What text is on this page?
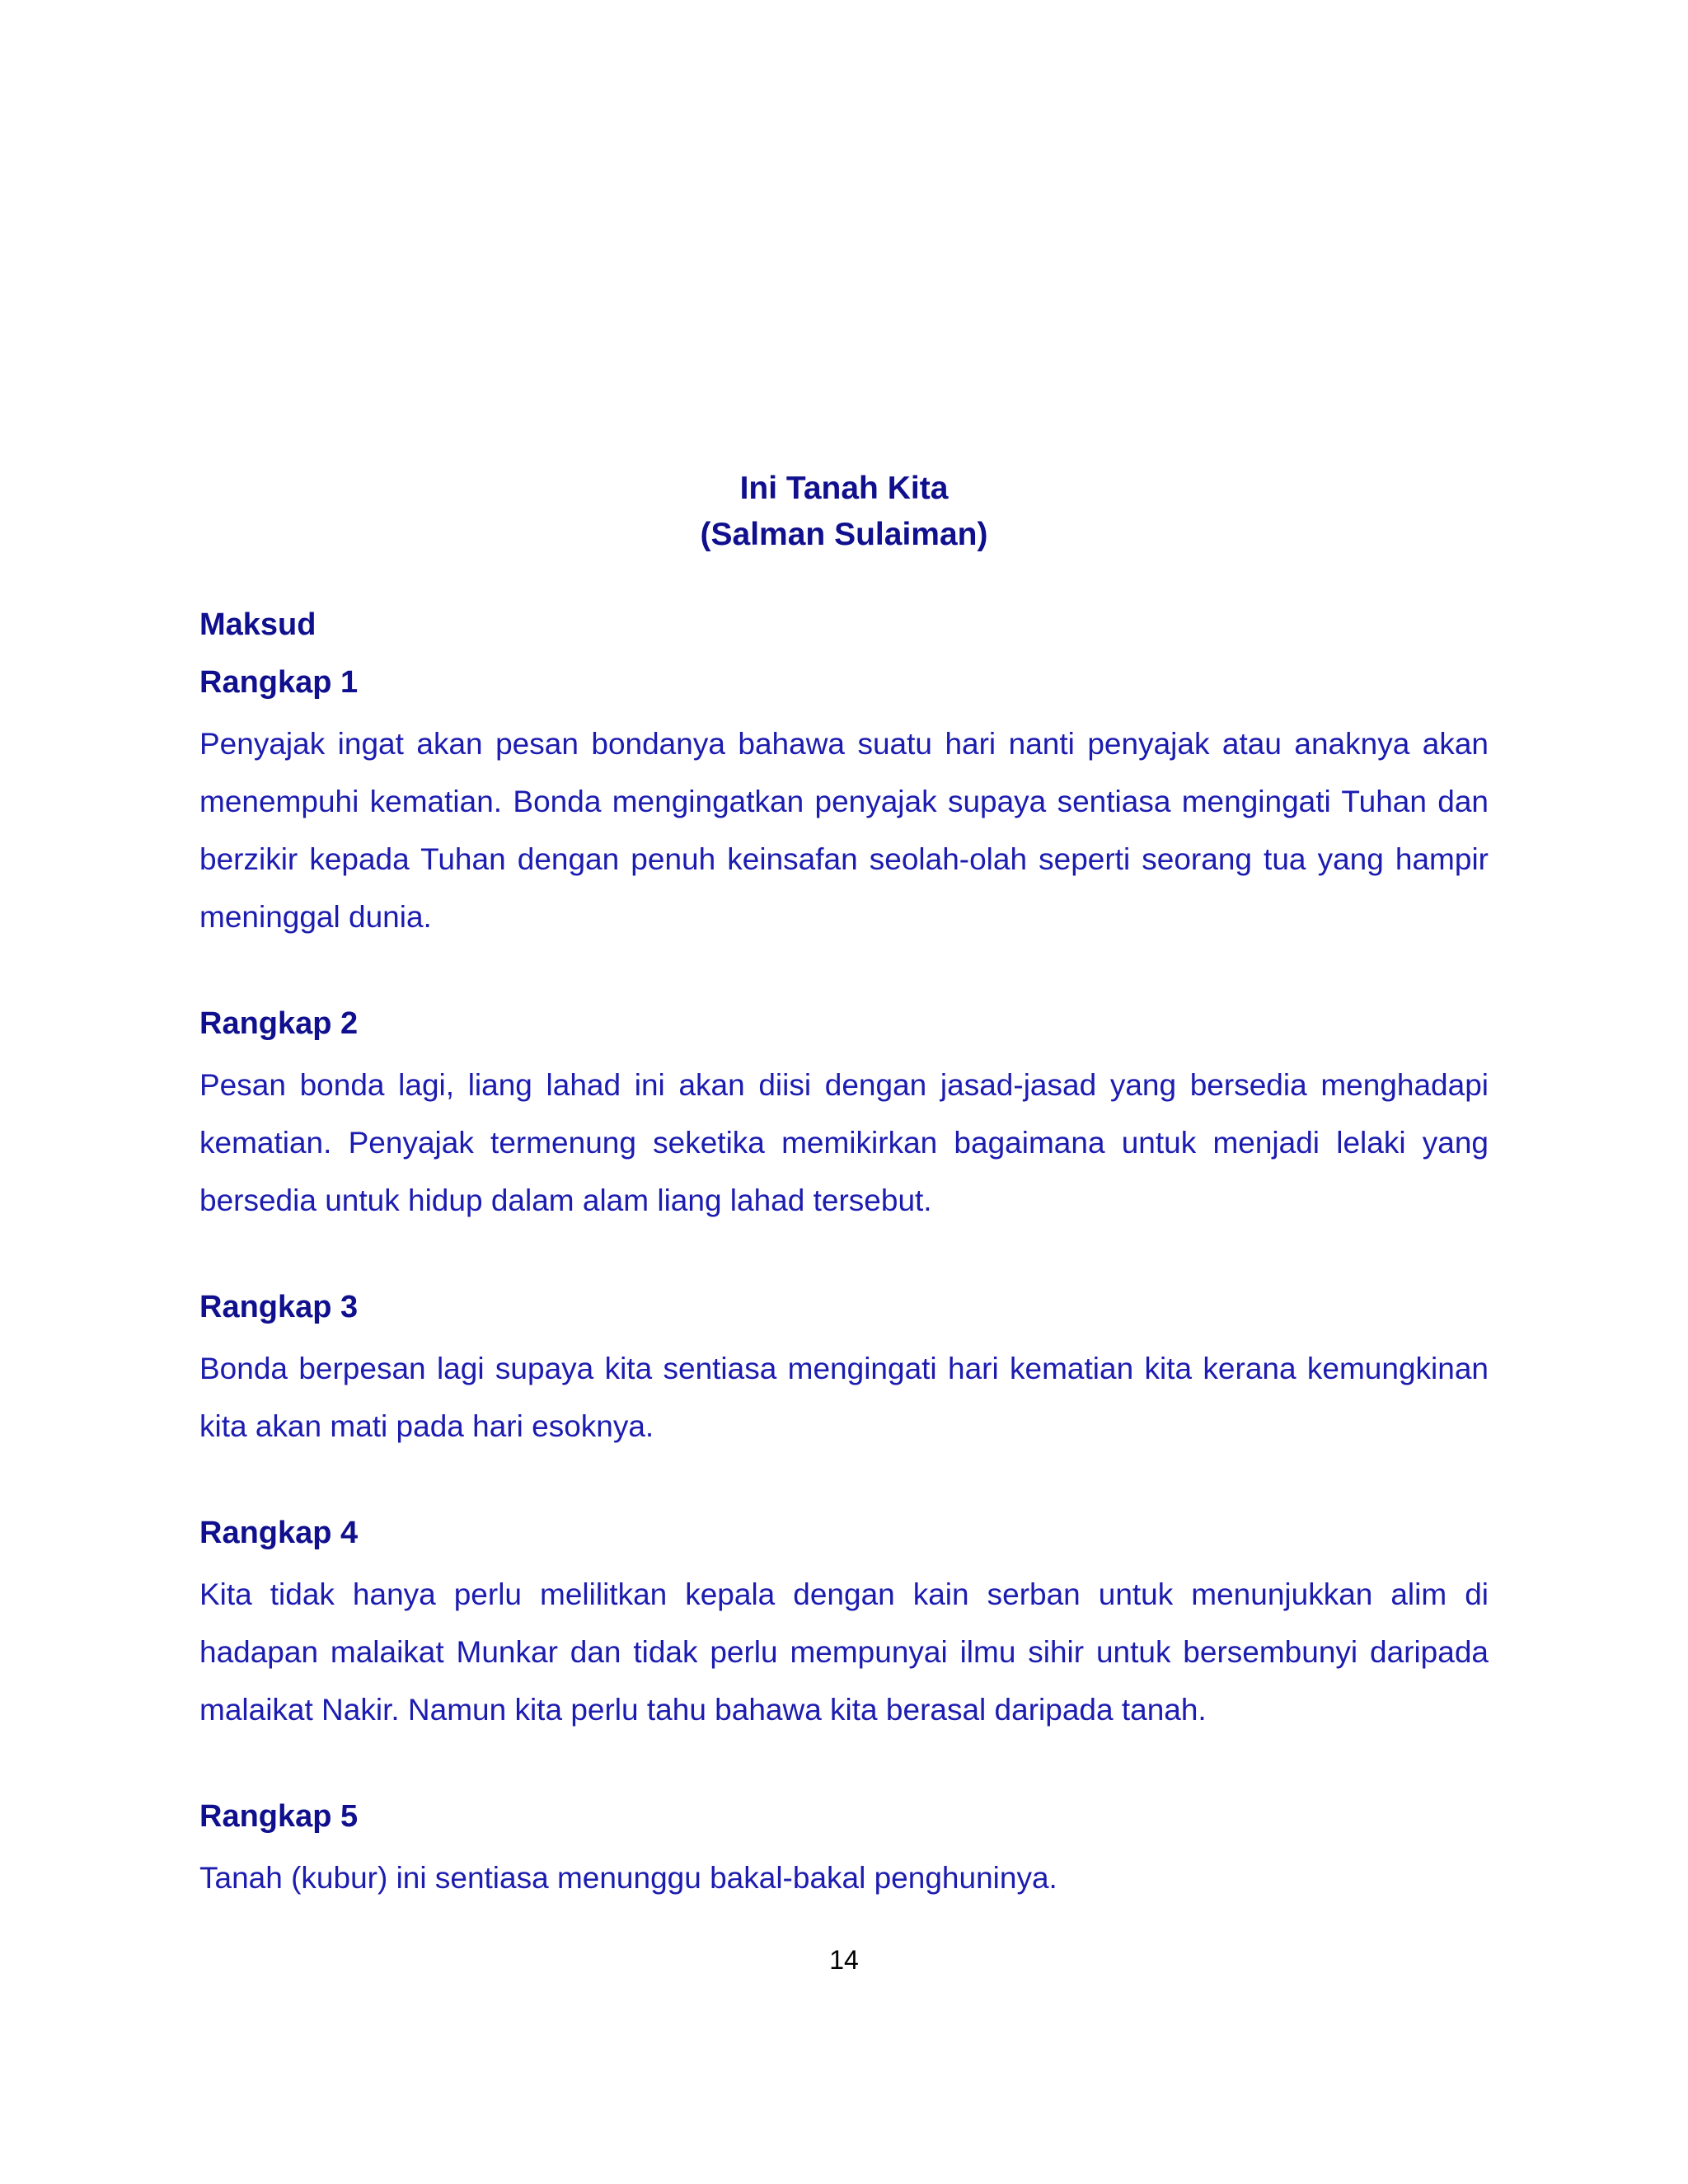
Ini Tanah Kita
(Salman Sulaiman)

Maksud

Rangkap 1

Penyajak ingat akan pesan bondanya bahawa suatu hari nanti penyajak atau anaknya akan menempuhi kematian. Bonda mengingatkan penyajak supaya sentiasa mengingati Tuhan dan berzikir kepada Tuhan dengan penuh keinsafan seolah-olah seperti seorang tua yang hampir meninggal dunia.

Rangkap 2

Pesan bonda lagi, liang lahad ini akan diisi dengan jasad-jasad yang bersedia menghadapi kematian. Penyajak termenung seketika memikirkan bagaimana untuk menjadi lelaki yang bersedia untuk hidup dalam alam liang lahad tersebut.

Rangkap 3

Bonda berpesan lagi supaya kita sentiasa mengingati hari kematian kita kerana kemungkinan kita akan mati pada hari esoknya.

Rangkap 4

Kita tidak hanya perlu melilitkan kepala dengan kain serban untuk menunjukkan alim di hadapan malaikat Munkar dan tidak perlu mempunyai ilmu sihir untuk bersembunyi daripada malaikat Nakir. Namun kita perlu tahu bahawa kita berasal daripada tanah.

Rangkap 5

Tanah (kubur) ini sentiasa menunggu bakal-bakal penghuninya.

14
